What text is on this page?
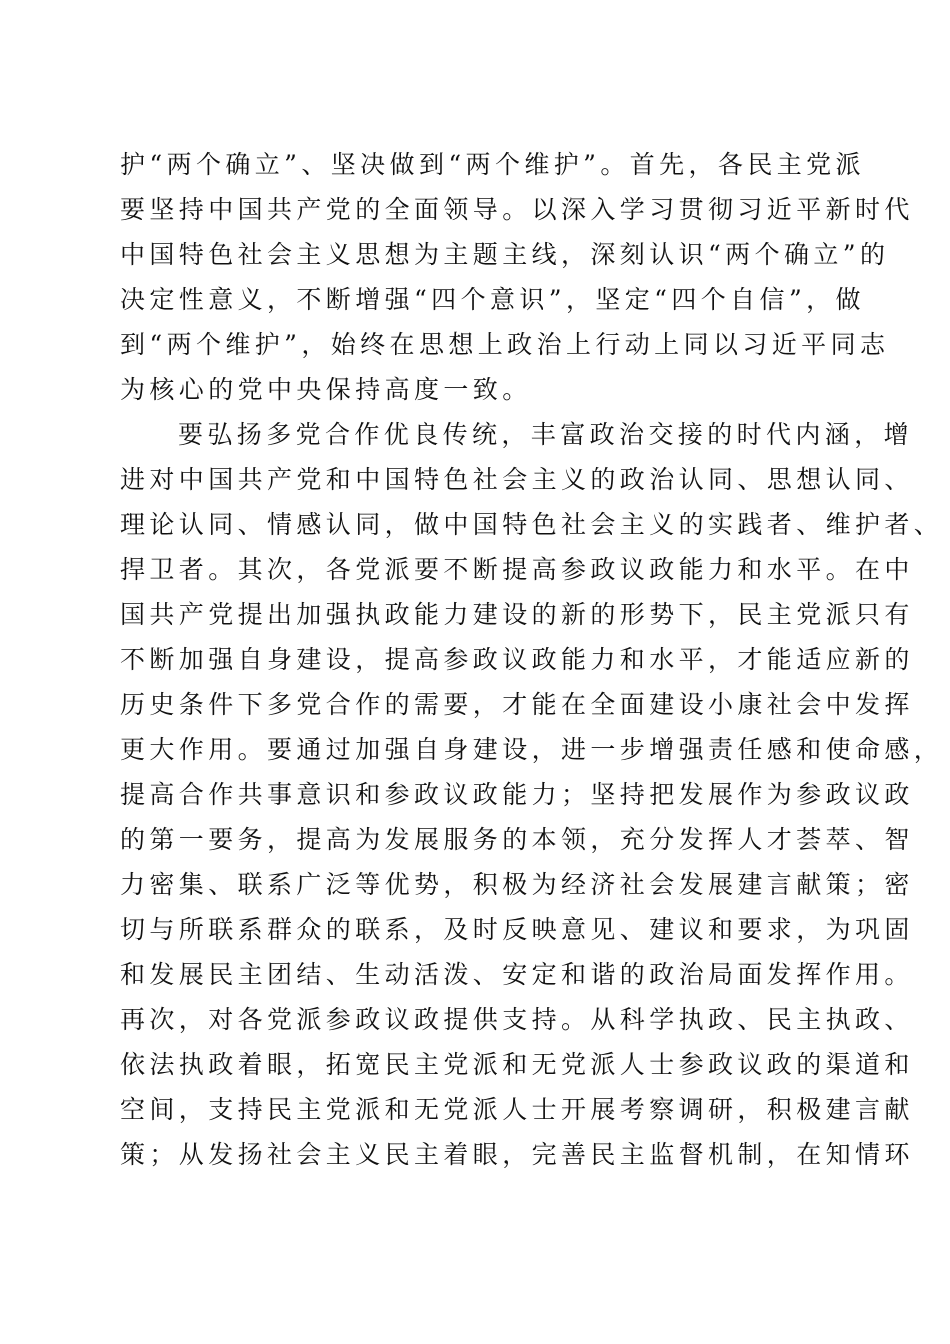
护“两个确立”、坚决做到“两个维护”。首先，各民主党派
要坚持中国共产党的全面领导。以深入学习贯彻习近平新时代
中国特色社会主义思想为主题主线，深刻认识“两个确立”的
决定性意义，不断增强“四个意识”，坚定“四个自信”，做
到“两个维护”，始终在思想上政治上行动上同以习近平同志
为核心的党中央保持高度一致。
要弘扬多党合作优良传统，丰富政治交接的时代内涵，增
进对中国共产党和中国特色社会主义的政治认同、思想认同、
理论认同、情感认同，做中国特色社会主义的实践者、维护者、
捍卫者。其次，各党派要不断提高参政议政能力和水平。在中
国共产党提出加强执政能力建设的新的形势下，民主党派只有
不断加强自身建设，提高参政议政能力和水平，才能适应新的
历史条件下多党合作的需要，才能在全面建设小康社会中发挥
更大作用。要通过加强自身建设，进一步增强责任感和使命感，
提高合作共事意识和参政议政能力；坚持把发展作为参政议政
的第一要务，提高为发展服务的本领，充分发挥人才荟萃、智
力密集、联系广泛等优势，积极为经济社会发展建言献策；密
切与所联系群众的联系，及时反映意见、建议和要求，为巩固
和发展民主团结、生动活泼、安定和谐的政治局面发挥作用。
再次，对各党派参政议政提供支持。从科学执政、民主执政、
依法执政着眼，拓宽民主党派和无党派人士参政议政的渠道和
空间，支持民主党派和无党派人士开展考察调研，积极建言献
策；从发扬社会主义民主着眼，完善民主监督机制，在知情环
